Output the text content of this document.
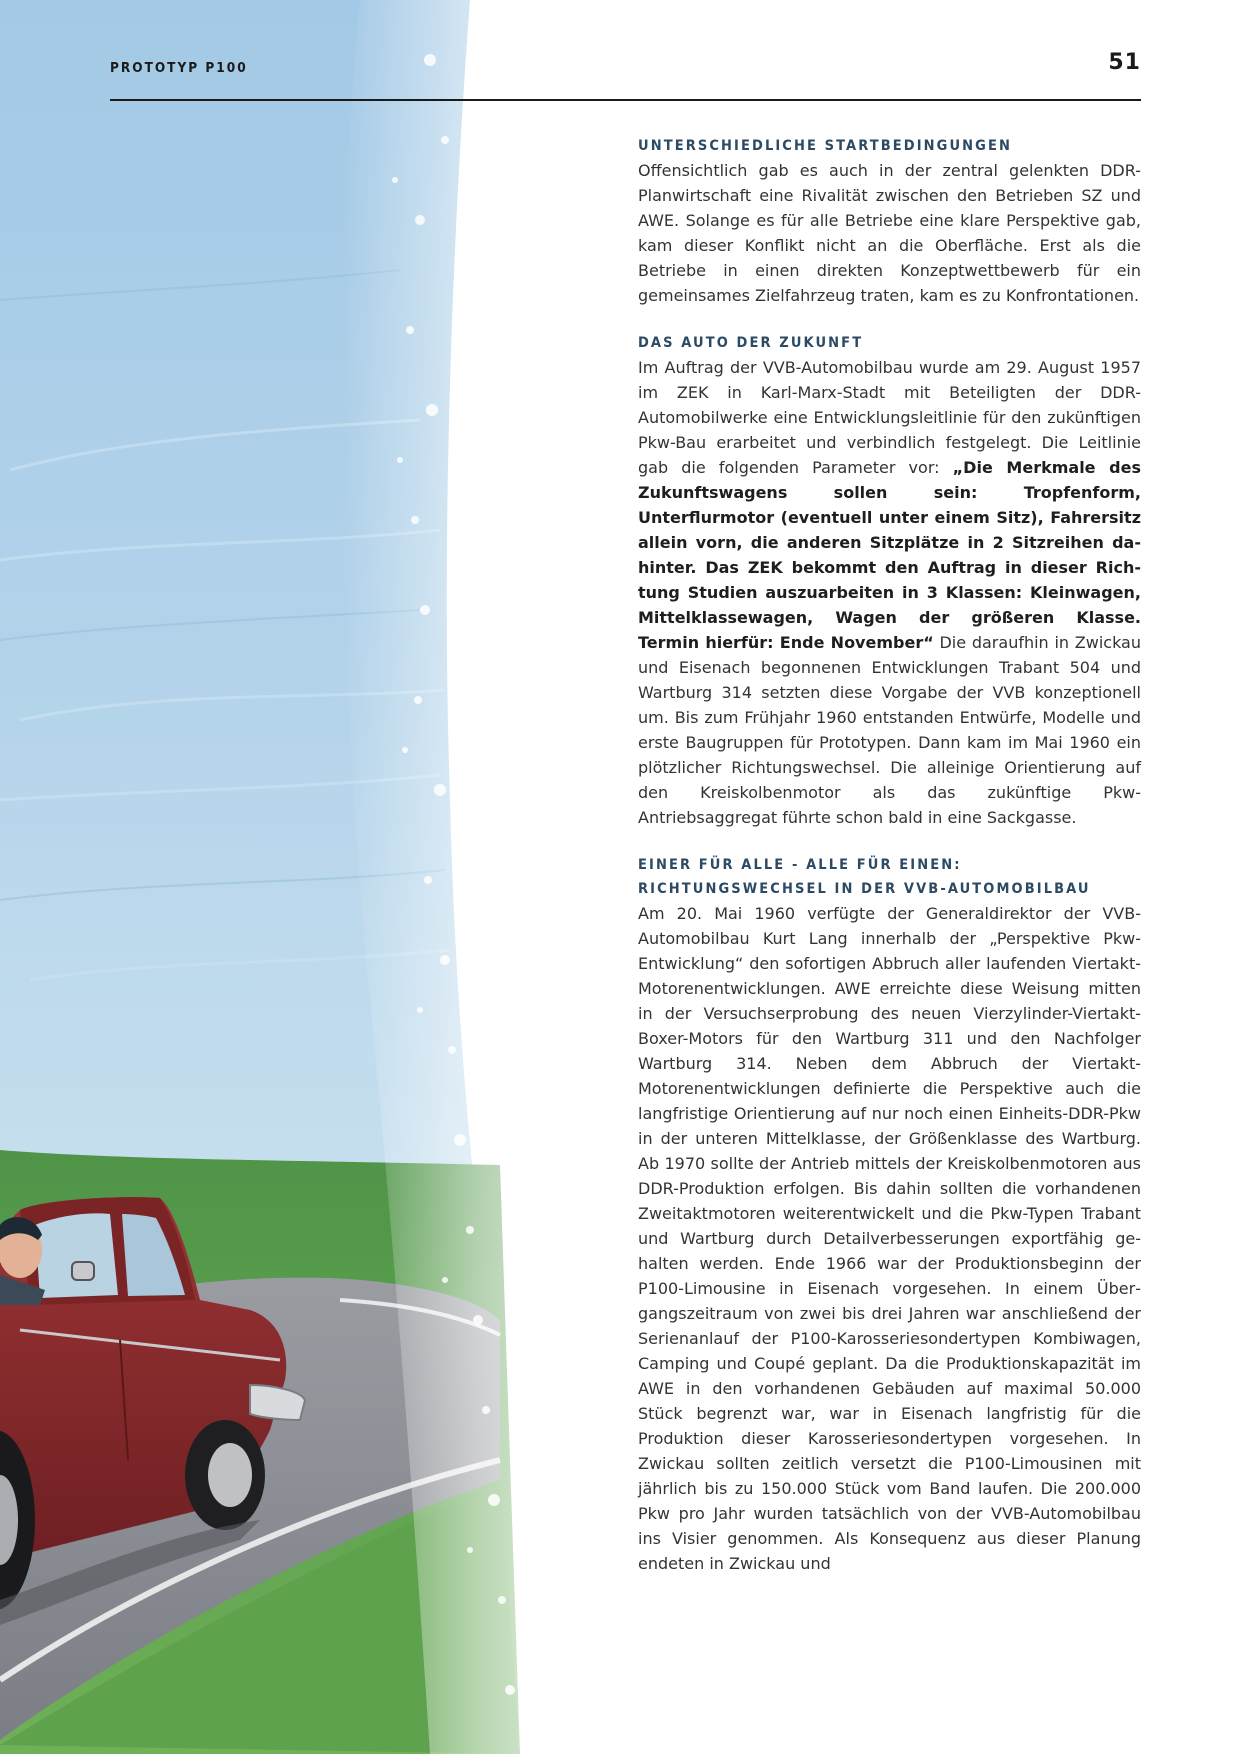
PROTOTYP P100	51
UNTERSCHIEDLICHE STARTBEDINGUNGEN

Offensichtlich gab es auch in der zentral gelenkten DDR-Planwirtschaft eine Rivalität zwischen den Betrieben SZ und AWE. Solange es für alle Betriebe eine klare Perspektive gab, kam dieser Konflikt nicht an die Oberfläche. Erst als die Betriebe in einen direkten Konzeptwettbewerb für ein gemeinsames Zielfahrzeug traten, kam es zu Konfrontationen.

DAS AUTO DER ZUKUNFT

Im Auftrag der VVB-Automobilbau wurde am 29. August 1957 im ZEK in Karl-Marx-Stadt mit Beteiligten der DDR-Automobilwerke eine Entwicklungsleitlinie für den zukünftigen Pkw-Bau erarbeitet und verbindlich festgelegt. Die Leitlinie gab die folgenden Parameter vor: „Die Merkmale des Zukunftswagens sollen sein: Tropfenform, Unterflurmotor (eventuell unter einem Sitz), Fahrersitz allein vorn, die anderen Sitzplätze in 2 Sitzreihen dahinter. Das ZEK bekommt den Auftrag in dieser Richtung Studien auszuarbeiten in 3 Klassen: Kleinwagen, Mittelklassewagen, Wagen der größeren Klasse. Termin hierfür: Ende November“ Die daraufhin in Zwickau und Eisenach begonnenen Entwicklungen Trabant 504 und Wartburg 314 setzten diese Vorgabe der VVB konzeptionell um. Bis zum Frühjahr 1960 entstanden Entwürfe, Modelle und erste Baugruppen für Prototypen. Dann kam im Mai 1960 ein plötzlicher Richtungswechsel. Die alleinige Orientierung auf den Kreiskolbenmotor als das zukünftige Pkw-Antriebsaggregat führte schon bald in eine Sackgasse.

EINER FÜR ALLE - ALLE FÜR EINEN: RICHTUNGSWECHSEL IN DER VVB-AUTOMOBILBAU

Am 20. Mai 1960 verfügte der Generaldirektor der VVB-Automobilbau Kurt Lang innerhalb der „Perspektive Pkw-Entwicklung“ den sofortigen Abbruch aller laufenden Viertakt-Motorenentwicklungen. AWE erreichte diese Weisung mitten in der Versuchserprobung des neuen Vierzylinder-Viertakt-Boxer-Motors für den Wartburg 311 und den Nachfolger Wartburg 314. Neben dem Abbruch der Viertakt-Motorenentwicklungen definierte die Perspektive auch die langfristige Orientierung auf nur noch einen Einheits-DDR-Pkw in der unteren Mittelklasse, der Größenklasse des Wartburg. Ab 1970 sollte der Antrieb mittels der Kreiskolbenmotoren aus DDR-Produktion erfolgen. Bis dahin sollten die vorhandenen Zweitaktmotoren weiterentwickelt und die Pkw-Typen Trabant und Wartburg durch Detailverbesserungen exportfähig gehalten werden. Ende 1966 war der Produktionsbeginn der P100-Limousine in Eisenach vorgesehen. In einem Übergangszeitraum von zwei bis drei Jahren war anschließend der Serienanlauf der P100-Karosseriesondertypen Kombiwagen, Camping und Coupé geplant. Da die Produktionskapazität im AWE in den vorhandenen Gebäuden auf maximal 50.000 Stück begrenzt war, war in Eisenach langfristig für die Produktion dieser Karosseriesondertypen vorgesehen. In Zwickau sollten zeitlich versetzt die P100-Limousinen mit jährlich bis zu 150.000 Stück vom Band laufen. Die 200.000 Pkw pro Jahr wurden tatsächlich von der VVB-Automobilbau ins Visier genommen. Als Konsequenz aus dieser Planung endeten in Zwickau und
